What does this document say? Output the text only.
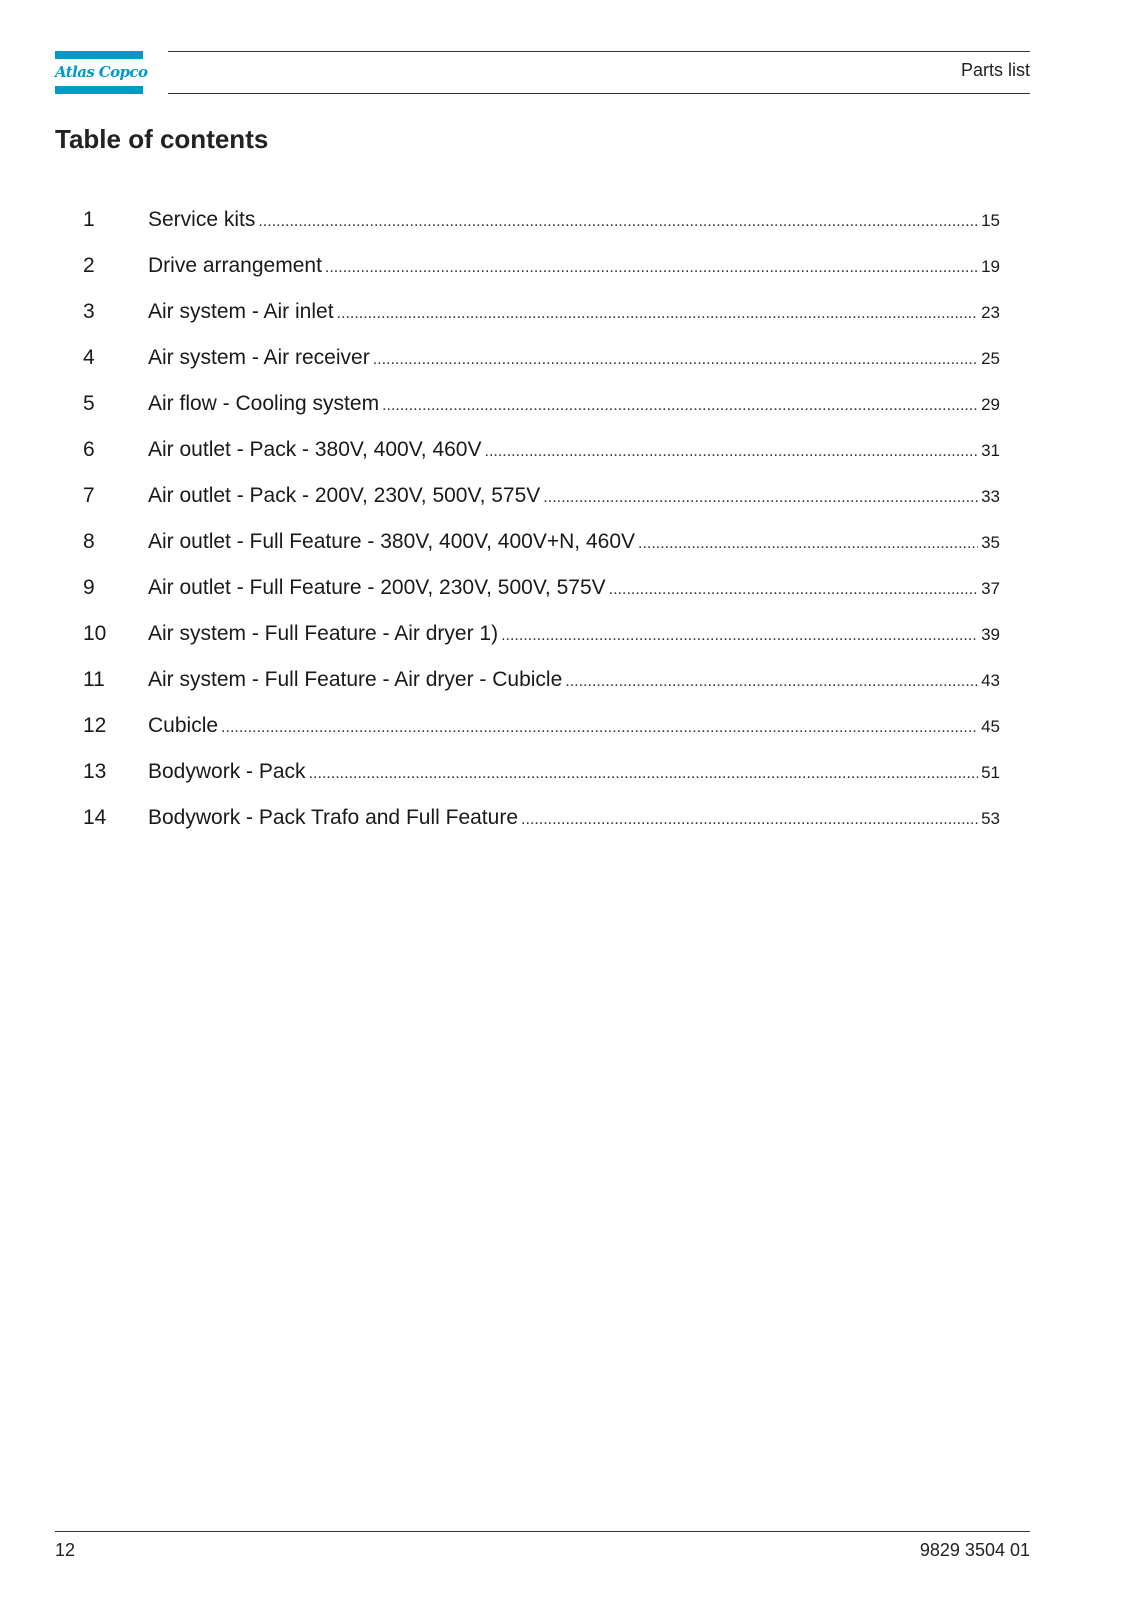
Atlas Copco	Parts list
Table of contents
1	Service kits .....	15
2	Drive arrangement .....	19
3	Air system - Air inlet .....	23
4	Air system - Air receiver .....	25
5	Air flow - Cooling system .....	29
6	Air outlet - Pack - 380V, 400V, 460V .....	31
7	Air outlet - Pack - 200V, 230V, 500V, 575V .....	33
8	Air outlet - Full Feature - 380V, 400V, 400V+N, 460V .....	35
9	Air outlet - Full Feature - 200V, 230V, 500V, 575V .....	37
10	Air system - Full Feature - Air dryer 1) .....	39
11	Air system - Full Feature - Air dryer - Cubicle .....	43
12	Cubicle .....	45
13	Bodywork - Pack .....	51
14	Bodywork - Pack Trafo and Full Feature .....	53
12	9829 3504 01
